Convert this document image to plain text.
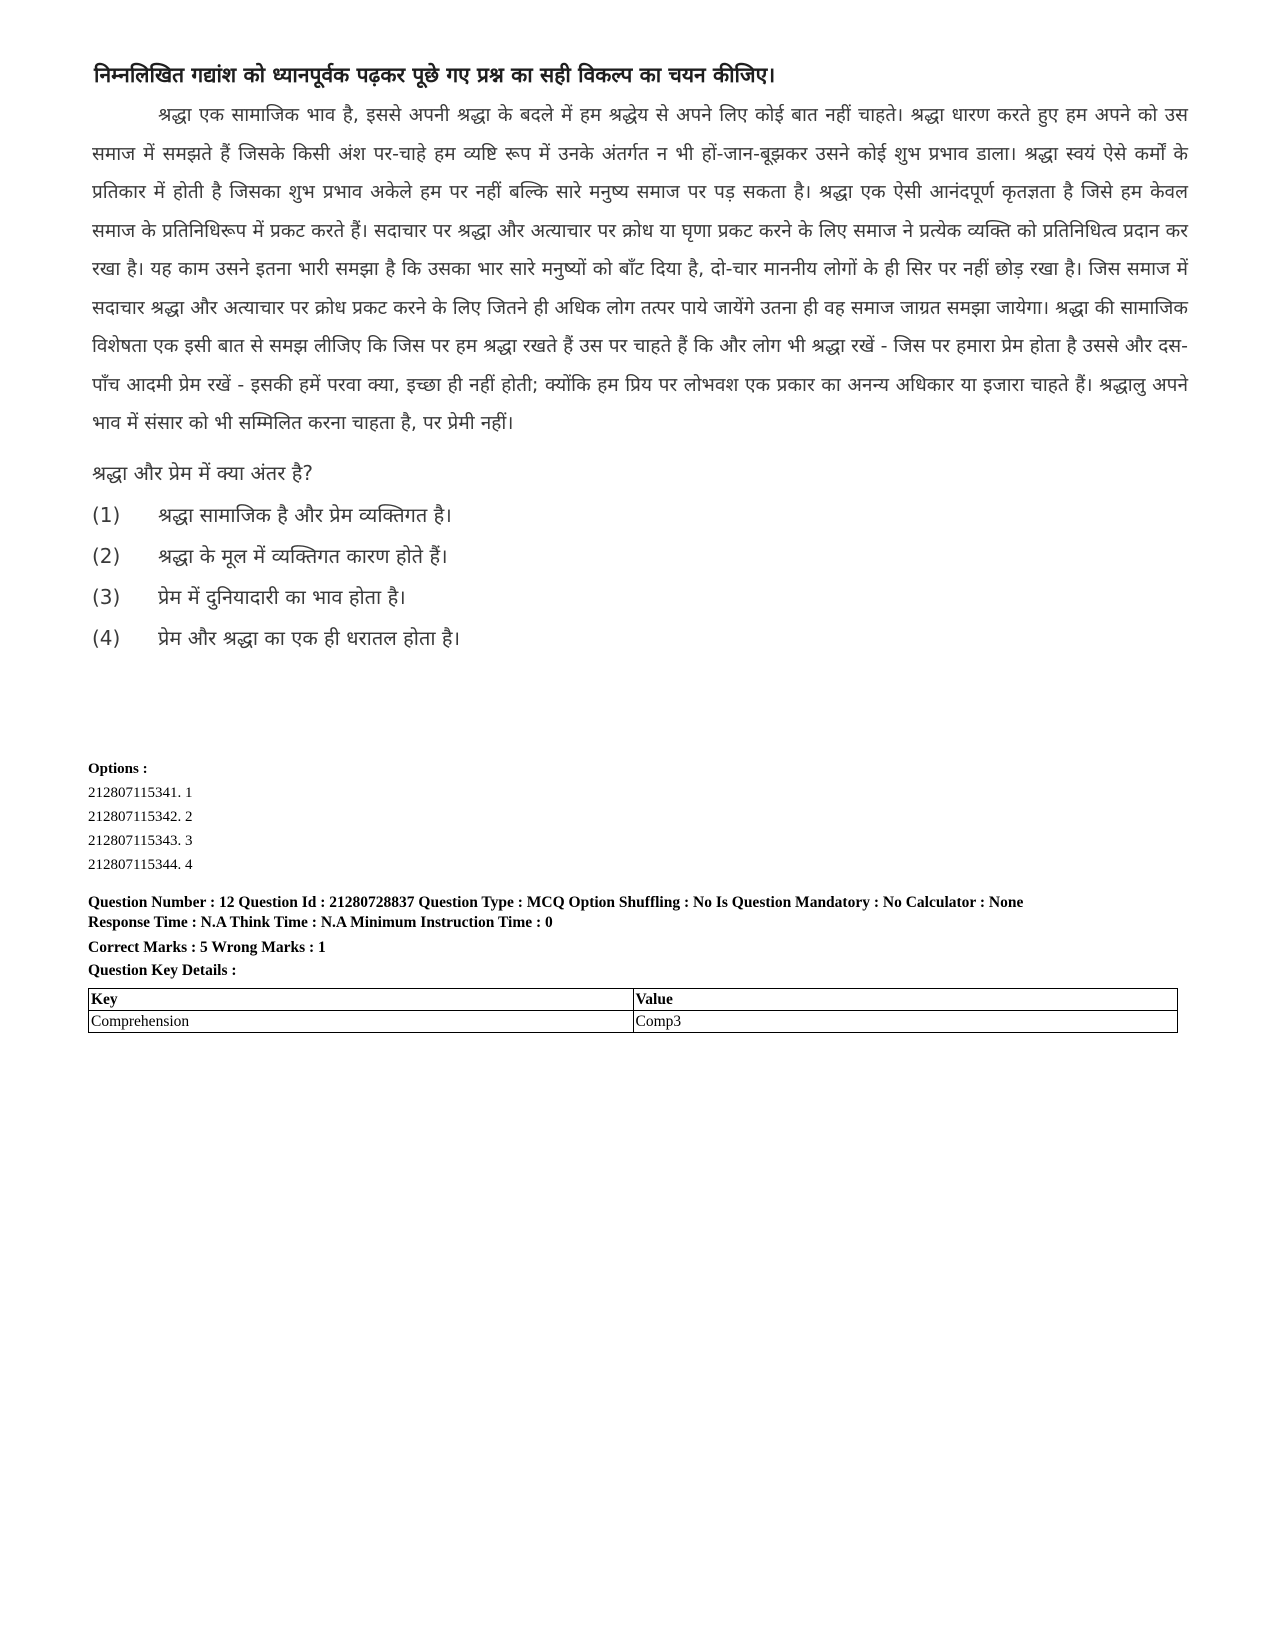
निम्नलिखित गद्यांश को ध्यानपूर्वक पढ़कर पूछे गए प्रश्न का सही विकल्प का चयन कीजिए।
श्रद्धा एक सामाजिक भाव है, इससे अपनी श्रद्धा के बदले में हम श्रद्धेय से अपने लिए कोई बात नहीं चाहते। श्रद्धा धारण करते हुए हम अपने को उस समाज में समझते हैं जिसके किसी अंश पर-चाहे हम व्यष्टि रूप में उनके अंतर्गत न भी हों-जान-बूझकर उसने कोई शुभ प्रभाव डाला। श्रद्धा स्वयं ऐसे कर्मों के प्रतिकार में होती है जिसका शुभ प्रभाव अकेले हम पर नहीं बल्कि सारे मनुष्य समाज पर पड़ सकता है। श्रद्धा एक ऐसी आनंदपूर्ण कृतज्ञता है जिसे हम केवल समाज के प्रतिनिधिरूप में प्रकट करते हैं। सदाचार पर श्रद्धा और अत्याचार पर क्रोध या घृणा प्रकट करने के लिए समाज ने प्रत्येक व्यक्ति को प्रतिनिधित्व प्रदान कर रखा है। यह काम उसने इतना भारी समझा है कि उसका भार सारे मनुष्यों को बाँट दिया है, दो-चार माननीय लोगों के ही सिर पर नहीं छोड़ रखा है। जिस समाज में सदाचार श्रद्धा और अत्याचार पर क्रोध प्रकट करने के लिए जितने ही अधिक लोग तत्पर पाये जायेंगे उतना ही वह समाज जाग्रत समझा जायेगा। श्रद्धा की सामाजिक विशेषता एक इसी बात से समझ लीजिए कि जिस पर हम श्रद्धा रखते हैं उस पर चाहते हैं कि और लोग भी श्रद्धा रखें - जिस पर हमारा प्रेम होता है उससे और दस-पाँच आदमी प्रेम रखें - इसकी हमें परवा क्या, इच्छा ही नहीं होती; क्योंकि हम प्रिय पर लोभवश एक प्रकार का अनन्य अधिकार या इजारा चाहते हैं। श्रद्धालु अपने भाव में संसार को भी सम्मिलित करना चाहता है, पर प्रेमी नहीं।
श्रद्धा और प्रेम में क्या अंतर है?
(1)	श्रद्धा सामाजिक है और प्रेम व्यक्तिगत है।
(2)	श्रद्धा के मूल में व्यक्तिगत कारण होते हैं।
(3)	प्रेम में दुनियादारी का भाव होता है।
(4)	प्रेम और श्रद्धा का एक ही धरातल होता है।
Options :
212807115341. 1
212807115342. 2
212807115343. 3
212807115344. 4
Question Number : 12 Question Id : 21280728837 Question Type : MCQ Option Shuffling : No Is Question Mandatory : No Calculator : None
Response Time : N.A Think Time : N.A Minimum Instruction Time : 0
Correct Marks : 5 Wrong Marks : 1
Question Key Details :
Key	Value
Comprehension	Comp3
